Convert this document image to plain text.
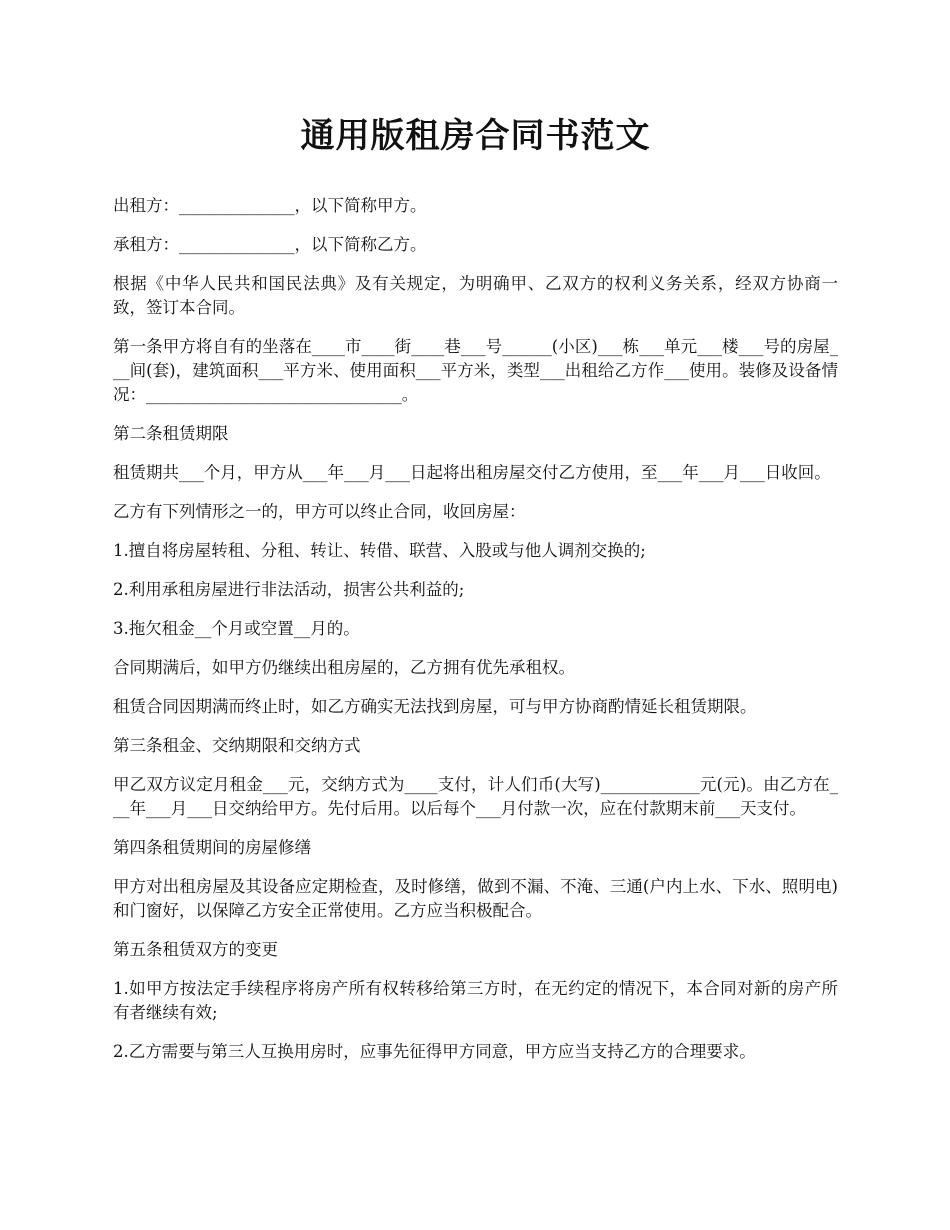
通用版租房合同书范文

出租方：______________，以下简称甲方。

承租方：______________，以下简称乙方。

根据《中华人民共和国民法典》及有关规定，为明确甲、乙双方的权利义务关系，经双方协商一致，签订本合同。

第一条甲方将自有的坐落在____市____街____巷___号______(小区)___栋___单元___楼___号的房屋___间(套)，建筑面积___平方米、使用面积___平方米，类型___出租给乙方作___使用。装修及设备情况：_______________________________。

第二条租赁期限

租赁期共___个月，甲方从___年___月___日起将出租房屋交付乙方使用，至___年___月___日收回。

乙方有下列情形之一的，甲方可以终止合同，收回房屋：

1.擅自将房屋转租、分租、转让、转借、联营、入股或与他人调剂交换的;

2.利用承租房屋进行非法活动，损害公共利益的;

3.拖欠租金__个月或空置__月的。

合同期满后，如甲方仍继续出租房屋的，乙方拥有优先承租权。

租赁合同因期满而终止时，如乙方确实无法找到房屋，可与甲方协商酌情延长租赁期限。

第三条租金、交纳期限和交纳方式

甲乙双方议定月租金___元，交纳方式为____支付，计人们币(大写)____________元(元)。由乙方在___年___月___日交纳给甲方。先付后用。以后每个___月付款一次，应在付款期末前___天支付。

第四条租赁期间的房屋修缮

甲方对出租房屋及其设备应定期检查，及时修缮，做到不漏、不淹、三通(户内上水、下水、照明电)和门窗好，以保障乙方安全正常使用。乙方应当积极配合。

第五条租赁双方的变更

1.如甲方按法定手续程序将房产所有权转移给第三方时，在无约定的情况下，本合同对新的房产所有者继续有效;

2.乙方需要与第三人互换用房时，应事先征得甲方同意，甲方应当支持乙方的合理要求。
